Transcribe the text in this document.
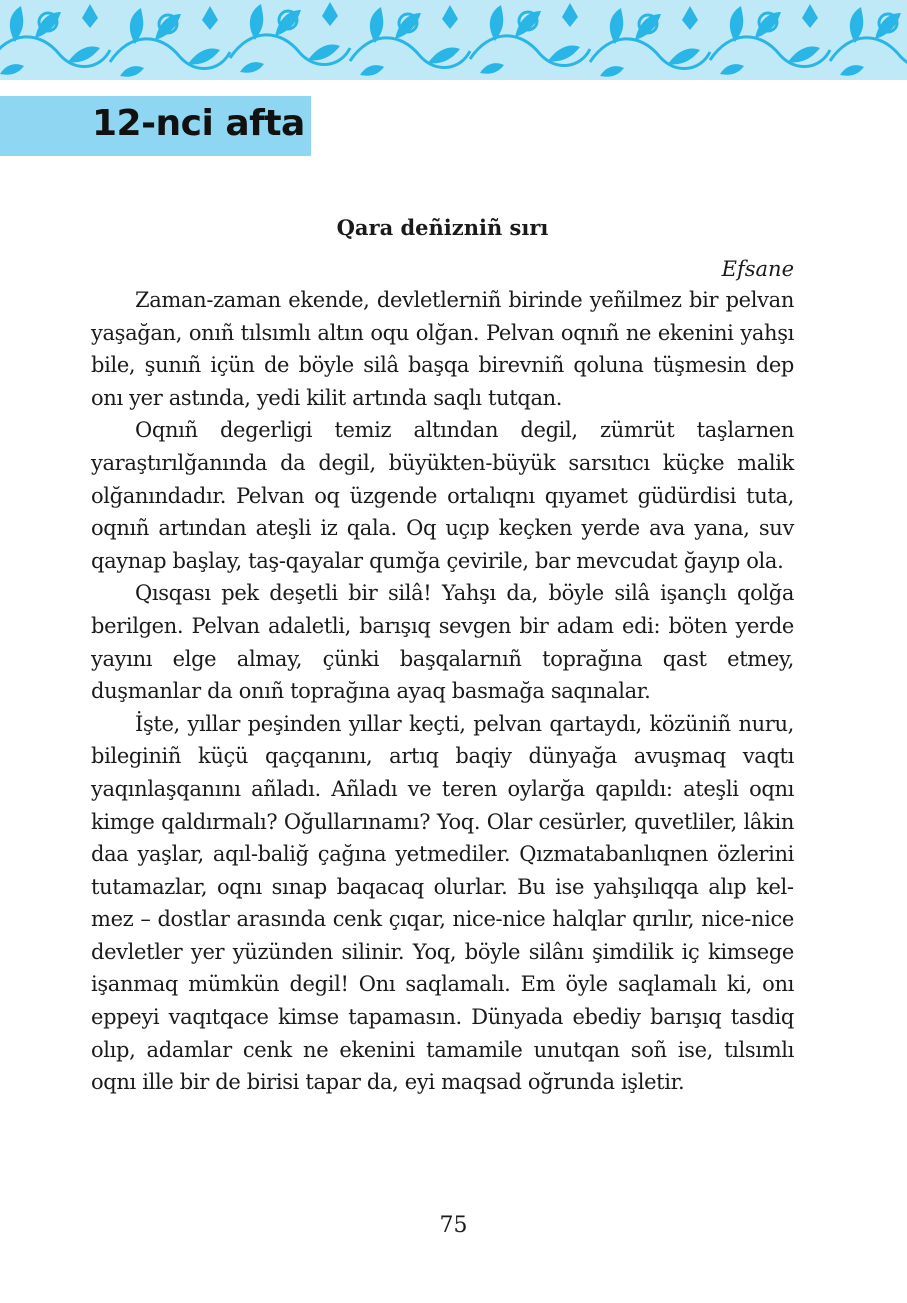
12-nci afta
Qara deñizniñ sırı

Efsane

Zaman-zaman ekende, devletlerniñ birinde yeñilmez bir pelvan yaşağan, onıñ tılsımlı altın oqu olğan. Pelvan oqnıñ ne ekenini yahşı bile, şunıñ içün de böyle silâ başqa birevniñ qoluna tüşmesin dep onı yer astında, yedi kilit artında saqlı tutqan.

Oqnıñ degerligi temiz altından degil, zümrüt taşlarnen yaraştırılğanında da degil, büyükten-büyük sarsıtıcı küçke malik olğanındadır. Pelvan oq üzgende ortalıqnı qıyamet güdürdisi tuta, oqnıñ artından ateşli iz qala. Oq uçıp keçken yerde ava yana, suv qaynap başlay, taş-qayalar qumğa çevirile, bar mevcudat ğayıp ola.

Qısqası pek deşetli bir silâ! Yahşı da, böyle silâ işançlı qolğa berilgen. Pelvan adaletli, barışıq sevgen bir adam edi: böten yerde yayını elge almay, çünki başqalarnıñ toprağına qast etmey, duşmanlar da onıñ toprağına ayaq basmağa saqınalar.

İşte, yıllar peşinden yıllar keçti, pelvan qartaydı, közüniñ nuru, bileginiñ küçü qaçqanını, artıq baqiy dünyağa avuşmaq vaqtı yaqınlaşqanını añladı. Añladı ve teren oylarğa qapıldı: ateşli oqnı kimge qaldırmalı? Oğullarınamı? Yoq. Olar cesürler, quvetliler, lâkin daa yaşlar, aqıl-baliğ çağına yetmediler. Qızmatabanlıqnen özlerini tutamazlar, oqnı sınap baqacaq olurlar. Bu ise yahşılıqqa alıp kelmez – dostlar arasında cenk çıqar, nice-nice halqlar qırılır, nice-nice devletler yer yüzünden silinir. Yoq, böyle silânı şimdilik iç kimsege işanmaq mümkün degil! Onı saqlamalı. Em öyle saqlamalı ki, onı eppeyi vaqıtqace kimse tapamasın. Dünyada ebediy barışıq tasdiq olıp, adamlar cenk ne ekenini tamamile unutqan soñ ise, tılsımlı oqnı ille bir de birisi tapar da, eyi maqsad oğrunda işletir.

75
